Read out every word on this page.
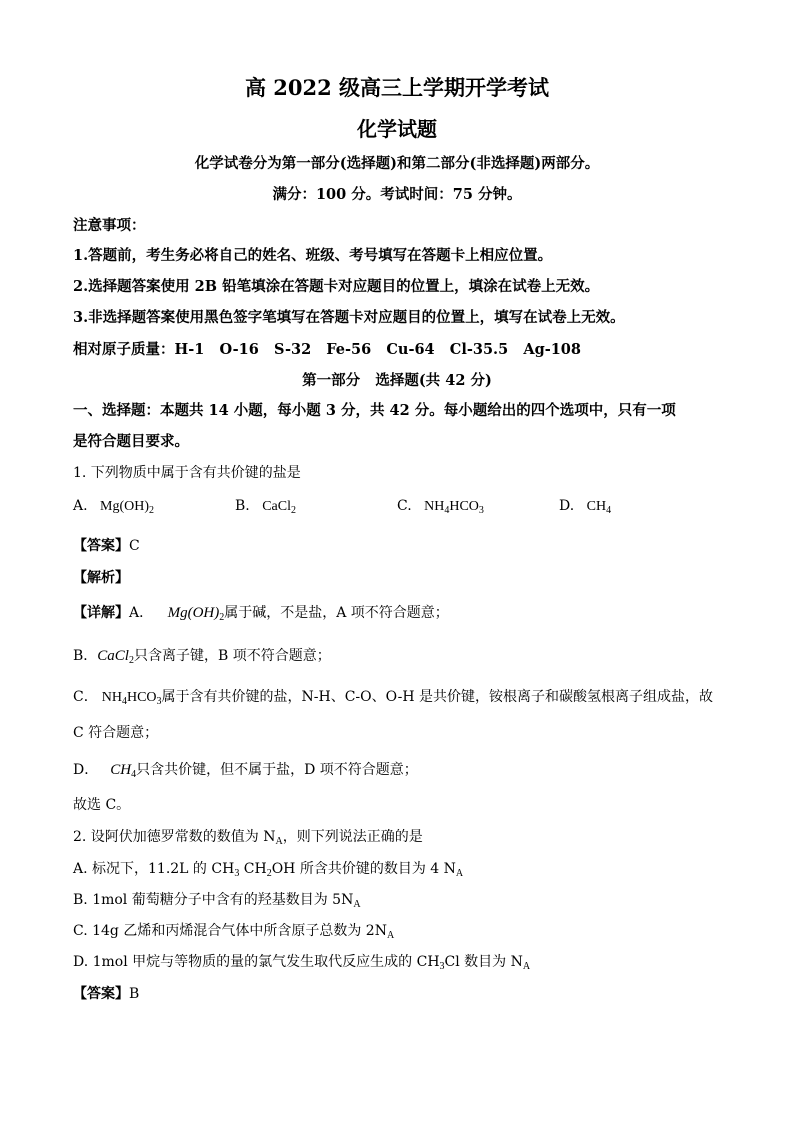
高 2022 级高三上学期开学考试
化学试题
化学试卷分为第一部分(选择题)和第二部分(非选择题)两部分。
满分：100 分。考试时间：75 分钟。
注意事项：
1.答题前，考生务必将自己的姓名、班级、考号填写在答题卡上相应位置。
2.选择题答案使用 2B 铅笔填涂在答题卡对应题目的位置上，填涂在试卷上无效。
3.非选择题答案使用黑色签字笔填写在答题卡对应题目的位置上，填写在试卷上无效。
相对原子质量：H-1   O-16   S-32   Fe-56   Cu-64   Cl-35.5   Ag-108
第一部分   选择题(共 42 分)
一、选择题：本题共 14 小题，每小题 3 分，共 42 分。每小题给出的四个选项中，只有一项
是符合题目要求。
1. 下列物质中属于含有共价键的盐是
A. $Mg(OH)_2$	B. CaCl$_2$	C. $NH_4HCO_3$	D. $CH_4$
【答案】C
【解析】
【详解】A． $Mg(OH)_2$属于碱，不是盐，A 项不符合题意；
B．CaCl$_2$只含离子键，B 项不符合题意；
C． $NH_4HCO_3$属于含有共价键的盐，N-H、C-O、O-H 是共价键，铵根离子和碳酸氢根离子组成盐，故
C 符合题意；
D． $CH_4$只含共价键，但不属于盐，D 项不符合题意；
故选 C。
2. 设阿伏加德罗常数的数值为 $N_A$，则下列说法正确的是
A. 标况下，11.2L 的 $CH_3$ $CH_2OH$ 所含共价键的数目为 4 $N_A$
B. 1mol 葡萄糖分子中含有的羟基数目为 $5N_A$
C. 14g 乙烯和丙烯混合气体中所含原子总数为 $2N_A$
D. 1mol 甲烷与等物质的量的氯气发生取代反应生成的 $CH_3Cl$ 数目为 $N_A$
【答案】B
